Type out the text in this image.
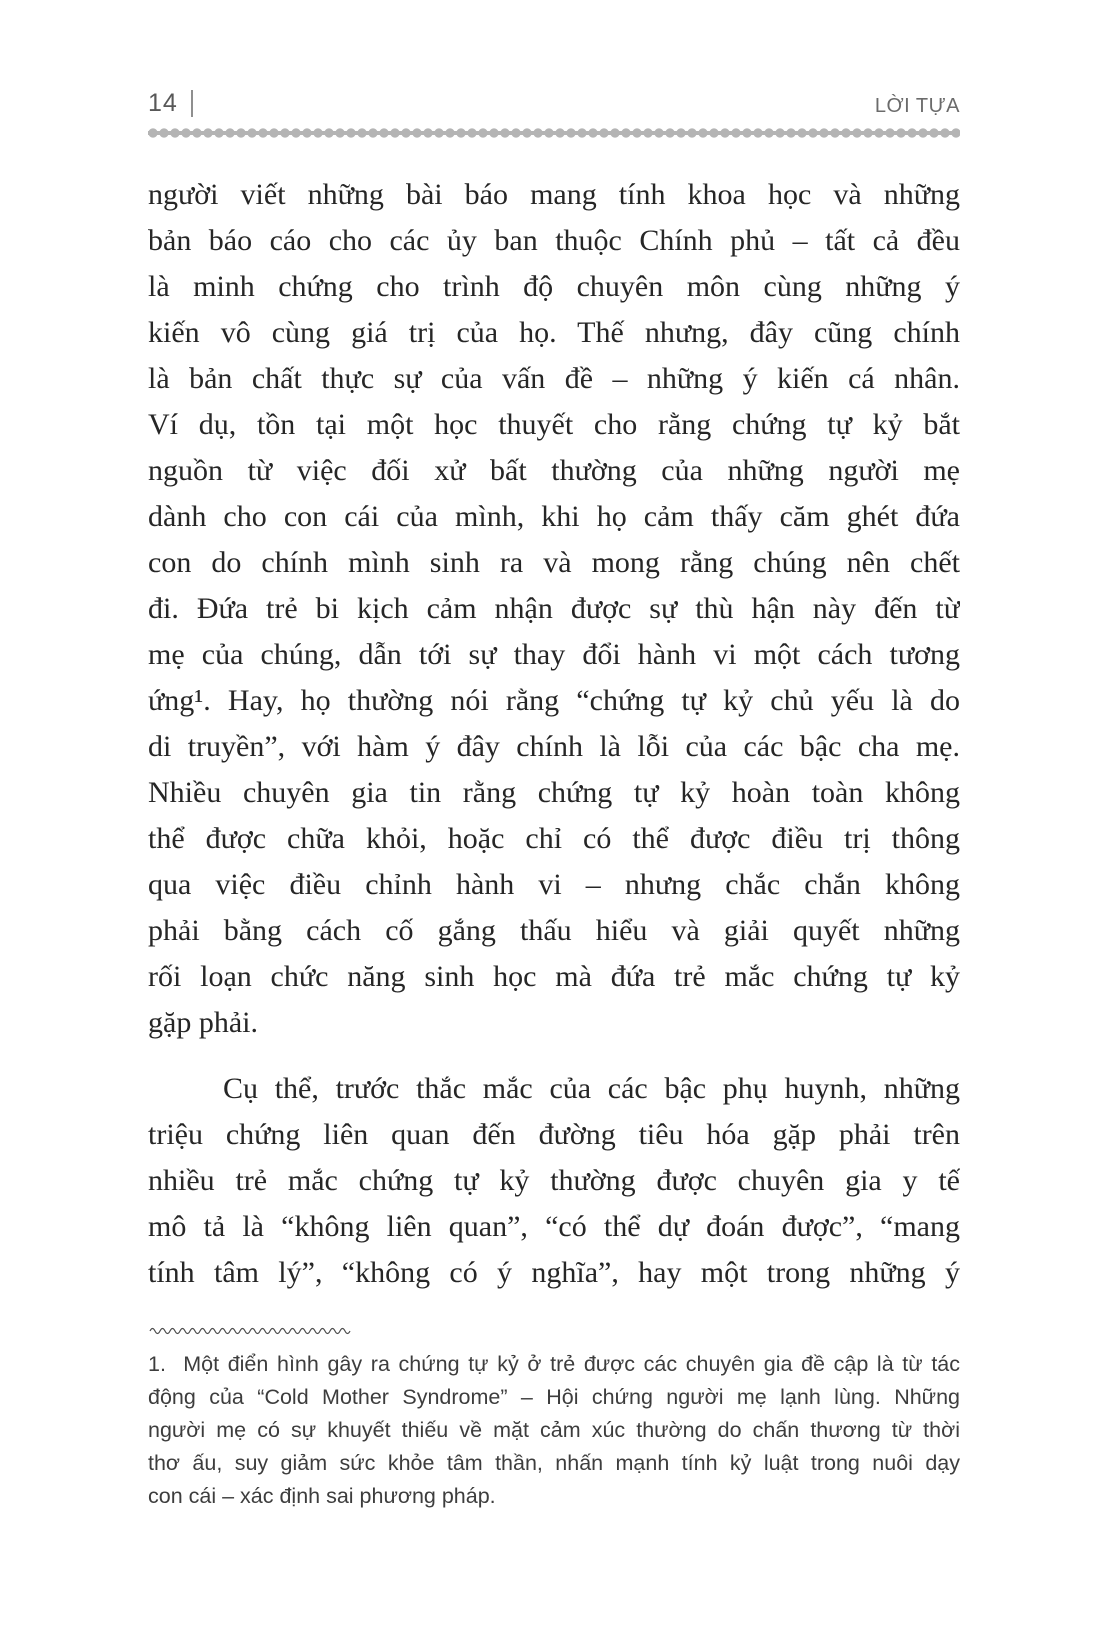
14	LỜI TỰA
người viết những bài báo mang tính khoa học và những
bản báo cáo cho các ủy ban thuộc Chính phủ – tất cả đều
là minh chứng cho trình độ chuyên môn cùng những ý
kiến vô cùng giá trị của họ. Thế nhưng, đây cũng chính
là bản chất thực sự của vấn đề – những ý kiến cá nhân.
Ví dụ, tồn tại một học thuyết cho rằng chứng tự kỷ bắt
nguồn từ việc đối xử bất thường của những người mẹ
dành cho con cái của mình, khi họ cảm thấy căm ghét đứa
con do chính mình sinh ra và mong rằng chúng nên chết
đi. Đứa trẻ bi kịch cảm nhận được sự thù hận này đến từ
mẹ của chúng, dẫn tới sự thay đổi hành vi một cách tương
ứng¹. Hay, họ thường nói rằng “chứng tự kỷ chủ yếu là do
di truyền”, với hàm ý đây chính là lỗi của các bậc cha mẹ.
Nhiều chuyên gia tin rằng chứng tự kỷ hoàn toàn không
thể được chữa khỏi, hoặc chỉ có thể được điều trị thông
qua việc điều chỉnh hành vi – nhưng chắc chắn không
phải bằng cách cố gắng thấu hiểu và giải quyết những
rối loạn chức năng sinh học mà đứa trẻ mắc chứng tự kỷ
gặp phải.
Cụ thể, trước thắc mắc của các bậc phụ huynh, những
triệu chứng liên quan đến đường tiêu hóa gặp phải trên
nhiều trẻ mắc chứng tự kỷ thường được chuyên gia y tế
mô tả là “không liên quan”, “có thể dự đoán được”, “mang
tính tâm lý”, “không có ý nghĩa”, hay một trong những ý
1.  Một điển hình gây ra chứng tự kỷ ở trẻ được các chuyên gia đề cập là từ tác
động của “Cold Mother Syndrome” – Hội chứng người mẹ lạnh lùng. Những
người mẹ có sự khuyết thiếu về mặt cảm xúc thường do chấn thương từ thời
thơ ấu, suy giảm sức khỏe tâm thần, nhấn mạnh tính kỷ luật trong nuôi dạy
con cái – xác định sai phương pháp.
